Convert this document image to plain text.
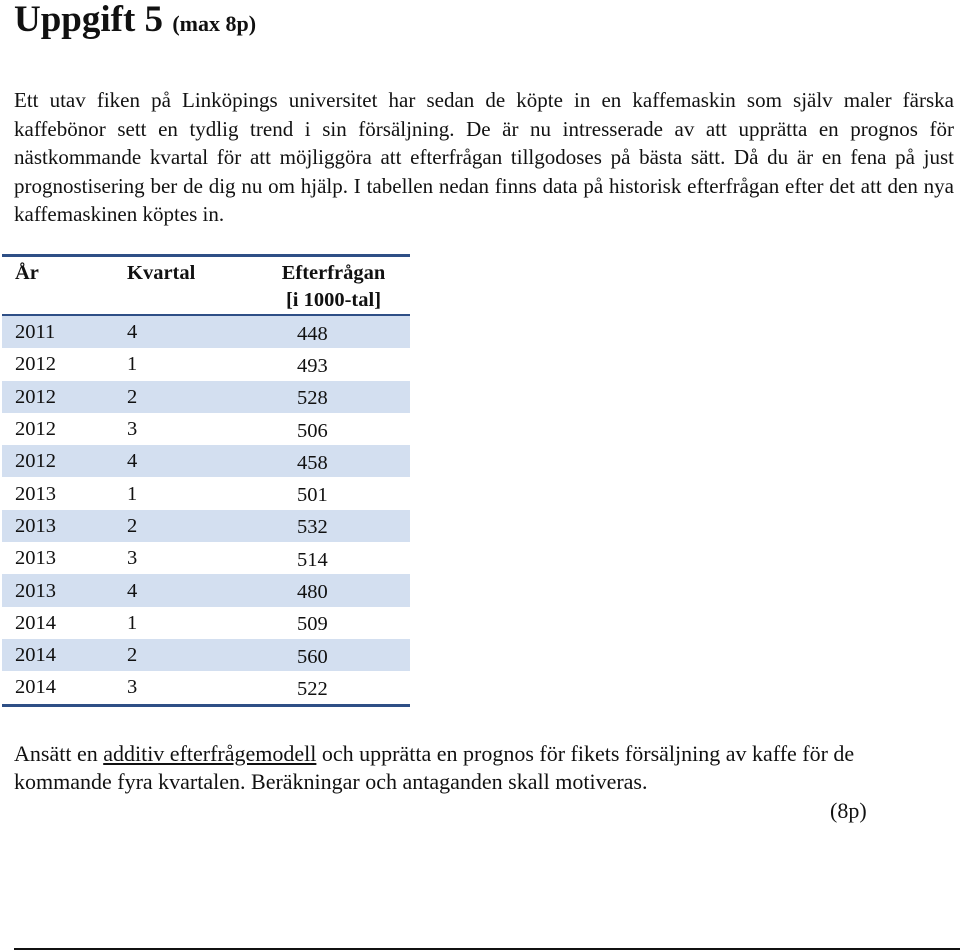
Uppgift 5 (max 8p)

Ett utav fiken på Linköpings universitet har sedan de köpte in en kaffemaskin som själv maler färska kaffebönor sett en tydlig trend i sin försäljning. De är nu intresserade av att upprätta en prognos för nästkommande kvartal för att möjliggöra att efterfrågan tillgodoses på bästa sätt. Då du är en fena på just prognostisering ber de dig nu om hjälp. I tabellen nedan finns data på historisk efterfrågan efter det att den nya kaffemaskinen köptes in.

År	Kvartal	Efterfrågan
[i 1000-tal]
2011	4	448
2012	1	493
2012	2	528
2012	3	506
2012	4	458
2013	1	501
2013	2	532
2013	3	514
2013	4	480
2014	1	509
2014	2	560
2014	3	522

Ansätt en additiv efterfrågemodell och upprätta en prognos för fikets försäljning av kaffe för de kommande fyra kvartalen. Beräkningar och antaganden skall motiveras.

(8p)
